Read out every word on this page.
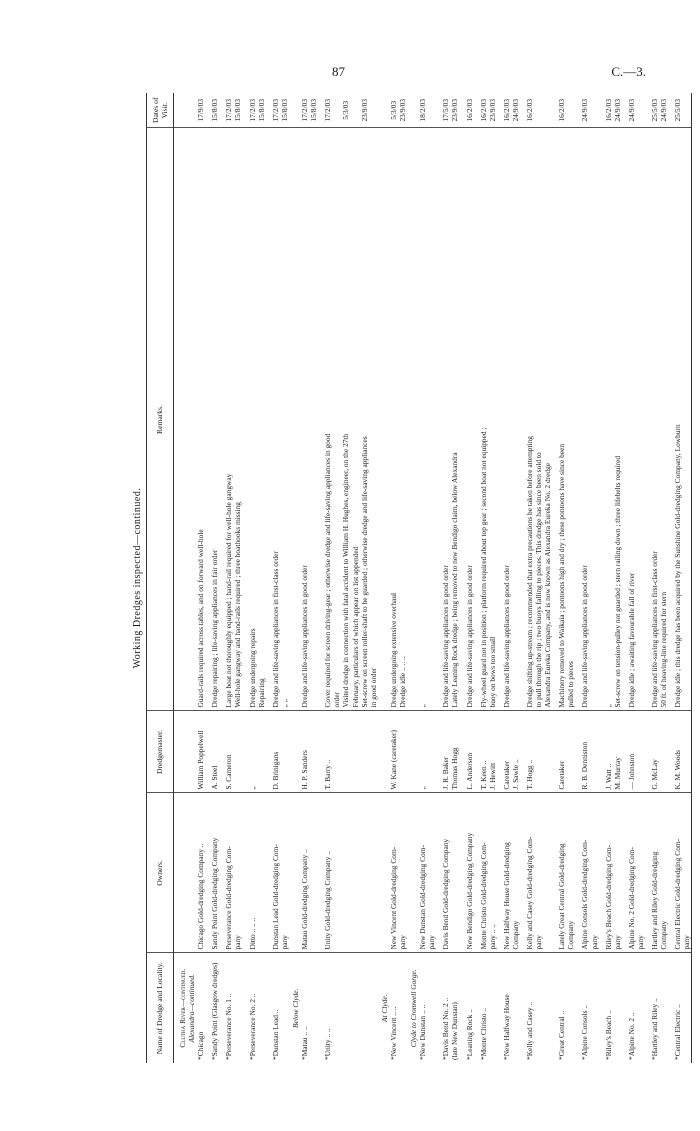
87	C.—3.
Working Dredges inspected—continued.
Name of Dredge and Locality.	Owners.	Dredgemaster.	Remarks.	Dates of Visit.
Clutha River—continued.
Alexandra—continued.				
*Chicago	Chicago Gold-dredging Company ..	William Poppelwell	Guard-rails required across tables, and on forward well-hole	17/9/03
*Sandy Point (Glasgow dredges)	Sandy Point Gold-dredging Company	A. Steel	Dredge repairing ; life-saving appliances in fair order	15/8/03
*Perseverance No. 1 ..	Perseverance Gold-dredging Com-	S. Cameron	Large boat not thoroughly equipped ; hand-rail required for well-hole gangway	17/2/03
	pany		Well-hole gangway and hand-rails required ; three boathooks missing	15/8/03
*Perseverance No. 2 ..	Ditto .. .. ..	„	Dredge undergoing repairs	17/2/03
			Repairing	15/8/03
*Dunstan Lead ..	Dunstan Lead Gold-dredging Com-	D. Brinigans	Dredge and life-saving appliances in first-class order	17/2/03
	pany		„ „	15/8/03
Below Clyde.				
*Matau .. ..	Matau Gold-dredging Company ..	H. P. Sanders	Dredge and life-saving appliances in good order	17/2/03
				15/8/03
*Unity .. ..	Unity Gold-dredging Company ..	T. Barry ..	Cover required for screen driving-gear ; otherwise dredge and life-saving appliances in good	17/2/03
			order	
			Visited dredge in connection with fatal accident to William H. Hughes, engineer, on the 27th	5/3/03
			February, particulars of which appear on list appended	
			Set-screw on screen roller-shaft to be guarded ; otherwise dredge and life-saving appliances	23/9/03
			in good order	
At Clyde.				
*New Vincent .. ..	New Vincent Gold-dredging Com-	W. Kane (caretaker)	Dredge undergoing extensive overhaul	5/3/03
	pany		Dredge idle .. .. ..	23/9/03
Clyde to Cromwell Gorge.				
*New Dunstan .. ..	New Dunstan Gold-dredging Com-	„	„	18/2/03
	pany			
*Davis Bend No. 2 ..	Davis Bend Gold-dredging Company	J. R. Baker	Dredge and life-saving appliances in good order	17/5/03
(late New Dunstan)		Thomas Hogg	Lately Leaning Rock dredge ; being removed to new Bendigo claim, below Alexandra	23/9/03
*Leaning Rock ..	New Bendigo Gold-dredging Company	L. Anderson	Dredge and life-saving appliances in good order	16/2/03
*Monte Christo ..	Monte Christo Gold-dredging Com-	T. Keen ..	Fly-wheel guard not in position ; platform required about top gear ; second boat not equipped ;	16/2/03
	pany .. ..	J. Hewitt	buoy on bows too small	23/9/03
*New Halfway House	New Halfway House Gold-dredging	Caretaker	Dredge and life-saving appliances in good order	16/2/03
	Company	J. Sawle ..		24/9/03
*Kelly and Casey ..	Kelly and Casey Gold-dredging Com-	T. Hogg ..	Dredge shifting up-stream ; recommended that extra precautions be taken before attempting	16/2/03
	pany		to pull through the rip ; two buoys falling to pieces. This dredge has since been sold to	
			Alexandra Eureka Company, and is now known as Alexandra Eureka No. 2 dredge	
*Great Central ..	Lately Great Central Gold-dredging	Caretaker	Machinery removed to Waikaia ; pontoons high and dry ; these pontoons have since been	16/2/03
	Company		pulled to pieces	
*Alpine Consols ..	Alpine Consols Gold-dredging Com-	R. B. Denniston	Dredge and life-saving appliances in good order	24/9/03
	pany			
*Riley's Beach ..	Riley's Beach Gold-dredging Com-	J. Watt ..	„	16/2/03
	pany	M. Murray	Set-screw on tension-pulley not guarded ; stern railing down ; three lifebelts required	24/9/03
*Alpine No. 2 ..	Alpine No. 2 Gold-dredging Com-	— Johnston	Dredge idle ; awaiting favourable fall of river	24/9/03
	pany			
*Hartley and Riley ..	Hartley and Riley Gold-dredging	G. McLay	Dredge and life-saving appliances in first-class order	25/5/03
	Company		50 ft. of heaving-line required for stern	24/9/03
*Central Electric ..	Central Electric Gold-dredging Com-	K. M. Woods	Dredge idle ; this dredge has been acquired by the Sunshine Gold-dredging Company, Lowburn	25/5/03
	pany			
